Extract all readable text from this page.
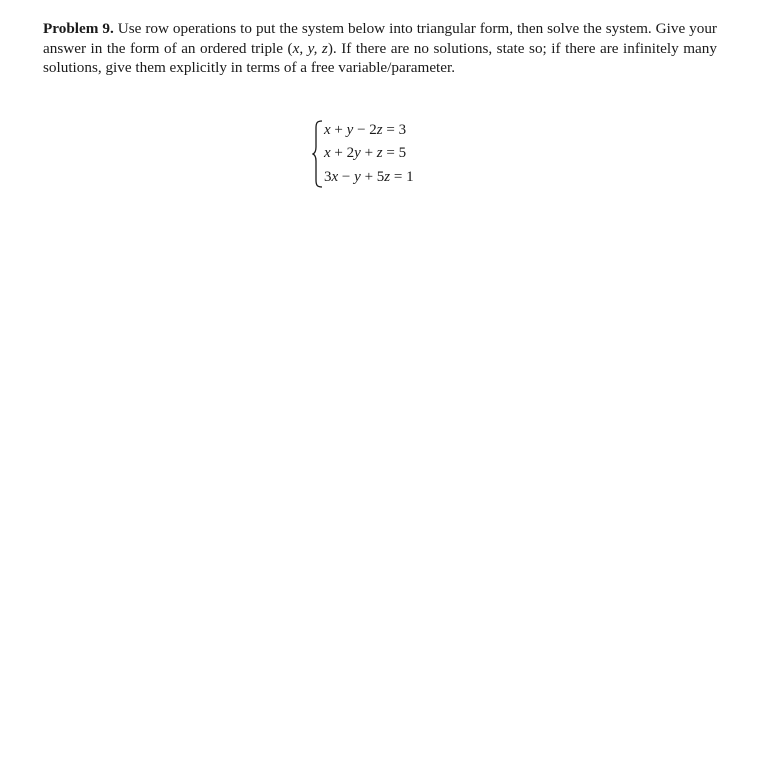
Problem 9. Use row operations to put the system below into triangular form, then solve the system. Give your answer in the form of an ordered triple (x, y, z). If there are no solutions, state so; if there are infinitely many solutions, give them explicitly in terms of a free variable/parameter.

x + y − 2z = 3
x + 2y + z = 5
3x − y + 5z = 1
